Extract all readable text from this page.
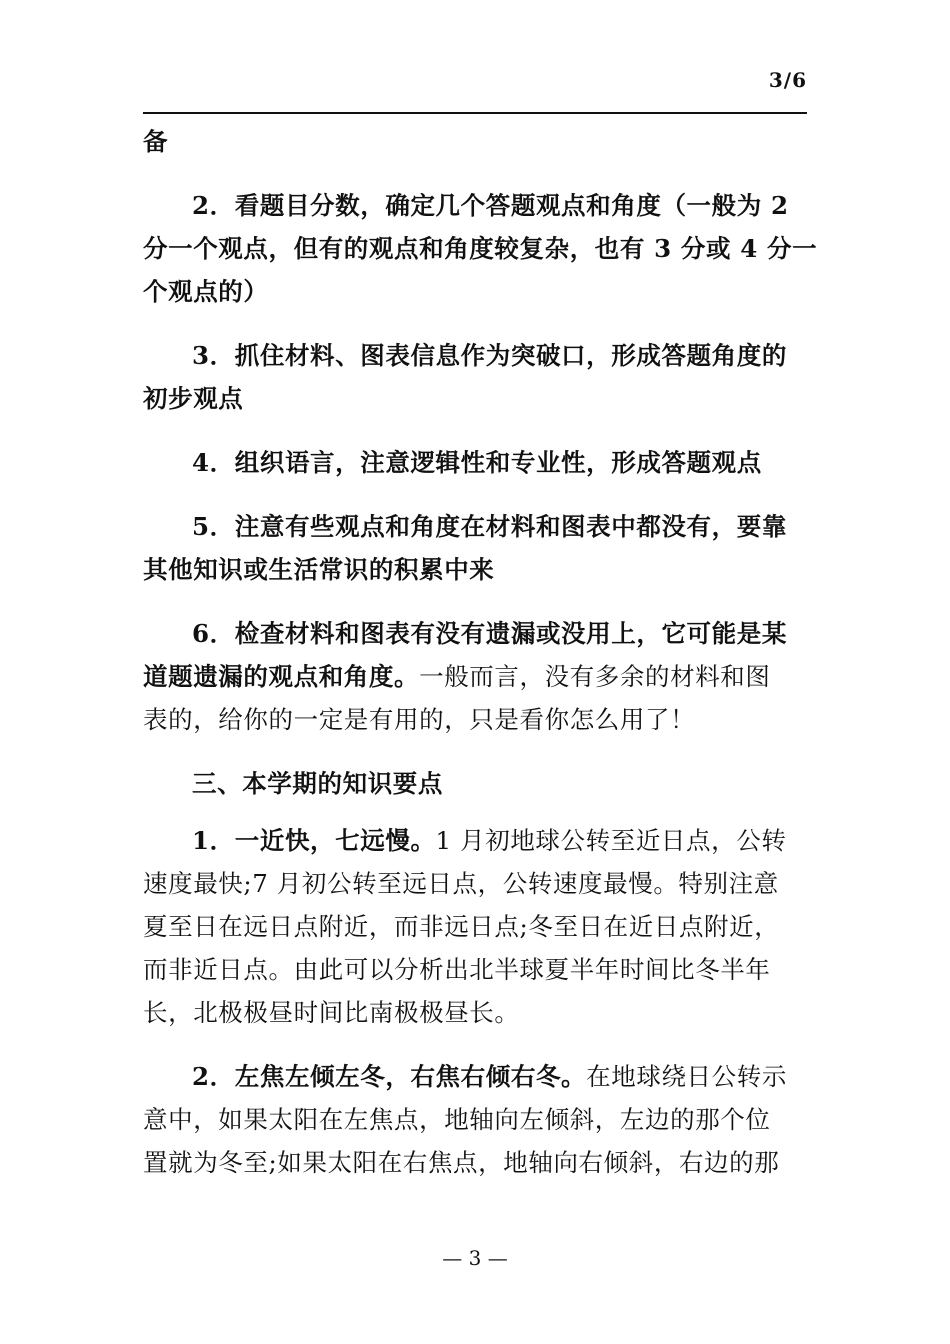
3/6

备

2．看题目分数，确定几个答题观点和角度（一般为 2

分一个观点，但有的观点和角度较复杂，也有 3 分或 4 分一

个观点的）

3．抓住材料、图表信息作为突破口，形成答题角度的

初步观点

4．组织语言，注意逻辑性和专业性，形成答题观点

5．注意有些观点和角度在材料和图表中都没有，要靠

其他知识或生活常识的积累中来

6．检查材料和图表有没有遗漏或没用上，它可能是某

道题遗漏的观点和角度。一般而言，没有多余的材料和图

表的，给你的一定是有用的，只是看你怎么用了！

三、本学期的知识要点

1．一近快，七远慢。1 月初地球公转至近日点，公转

速度最快;7 月初公转至远日点，公转速度最慢。特别注意

夏至日在远日点附近，而非远日点;冬至日在近日点附近，

而非近日点。由此可以分析出北半球夏半年时间比冬半年

长，北极极昼时间比南极极昼长。

2．左焦左倾左冬，右焦右倾右冬。在地球绕日公转示

意中，如果太阳在左焦点，地轴向左倾斜，左边的那个位

置就为冬至;如果太阳在右焦点，地轴向右倾斜，右边的那

— 3 —
